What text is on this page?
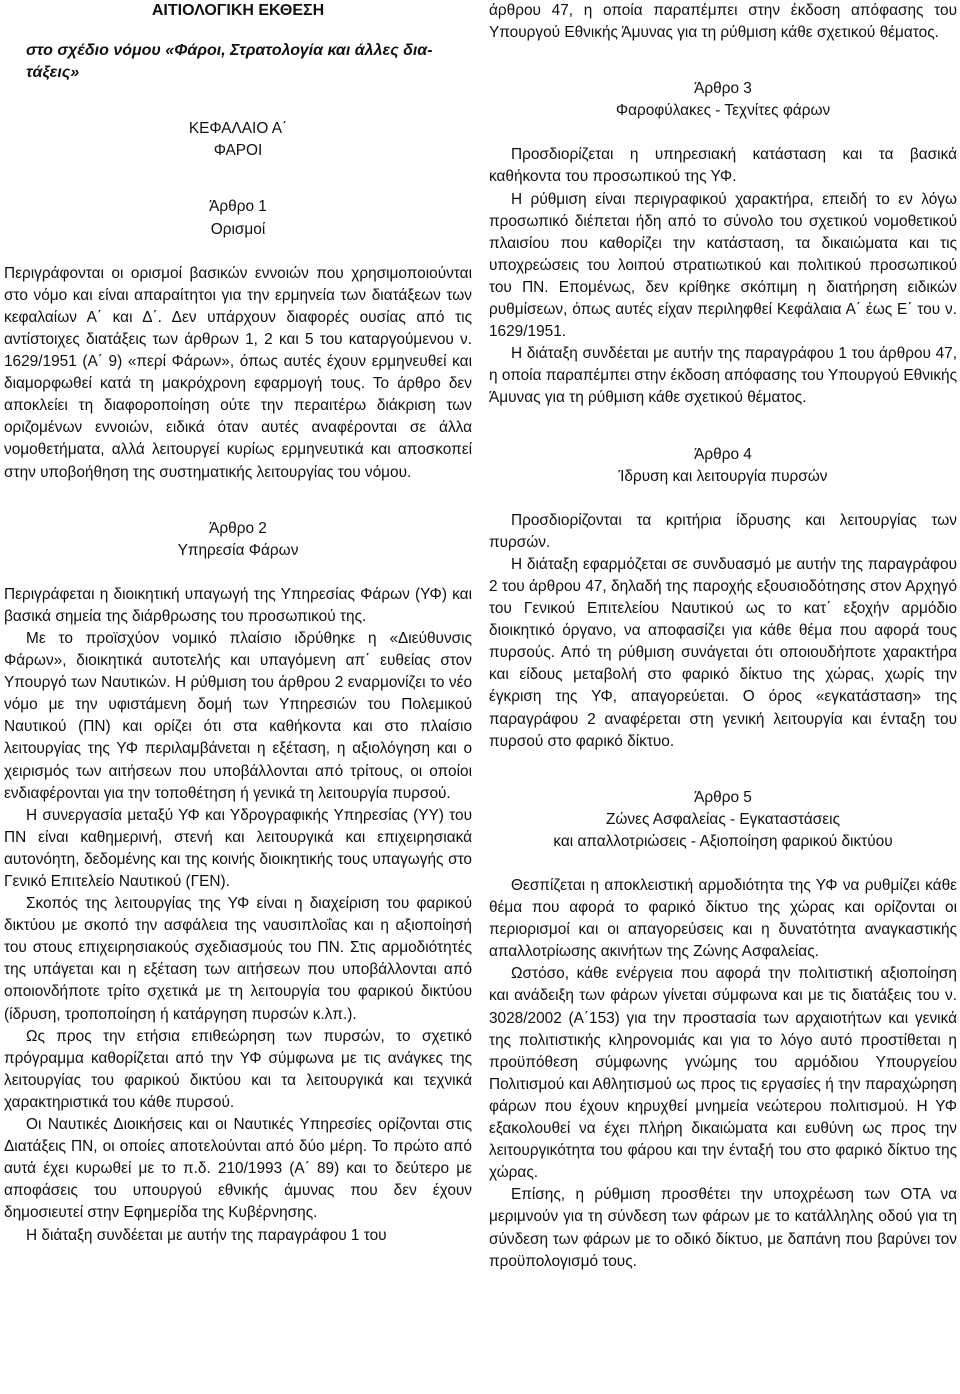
ΑΙΤΙΟΛΟΓΙΚΗ ΕΚΘΕΣΗ

στο σχέδιο νόμου «Φάροι, Στρατολογία και άλλες δια-
τάξεις»

ΚΕΦΑΛΑΙΟ Α΄

ΦΑΡΟΙ

Άρθρο 1

Ορισμοί

Περιγράφονται οι ορισμοί βασικών εννοιών που χρησιμοποιούνται στο νόμο και είναι απαραίτητοι για την ερμηνεία των διατάξεων των κεφαλαίων Α΄ και Δ΄. Δεν υπάρχουν διαφορές ουσίας από τις αντίστοιχες διατάξεις των άρθρων 1, 2 και 5 του καταργούμενου ν. 1629/1951 (Α΄ 9) «περί Φάρων», όπως αυτές έχουν ερμηνευθεί και διαμορφωθεί κατά τη μακρόχρονη εφαρμογή τους. Το άρθρο δεν αποκλείει τη διαφοροποίηση ούτε την περαιτέρω διάκριση των οριζομένων εννοιών, ειδικά όταν αυτές αναφέρονται σε άλλα νομοθετήματα, αλλά λειτουργεί κυρίως ερμηνευτικά και αποσκοπεί στην υποβοήθηση της συστηματικής λειτουργίας του νόμου.

Άρθρο 2

Υπηρεσία Φάρων

Περιγράφεται η διοικητική υπαγωγή της Υπηρεσίας Φάρων (ΥΦ) και βασικά σημεία της διάρθρωσης του προσωπικού της.

Με το προϊσχύον νομικό πλαίσιο ιδρύθηκε η «Διεύθυνσις Φάρων», διοικητικά αυτοτελής και υπαγόμενη απ΄ ευθείας στον Υπουργό των Ναυτικών. Η ρύθμιση του άρθρου 2 εναρμονίζει το νέο νόμο με την υφιστάμενη δομή των Υπηρεσιών του Πολεμικού Ναυτικού (ΠΝ) και ορίζει ότι στα καθήκοντα και στο πλαίσιο λειτουργίας της ΥΦ περιλαμβάνεται η εξέταση, η αξιολόγηση και ο χειρισμός των αιτήσεων που υποβάλλονται από τρίτους, οι οποίοι ενδιαφέρονται για την τοποθέτηση ή γενικά τη λειτουργία πυρσού.

Η συνεργασία μεταξύ ΥΦ και Υδρογραφικής Υπηρεσίας (ΥΥ) του ΠΝ είναι καθημερινή, στενή και λειτουργικά και επιχειρησιακά αυτονόητη, δεδομένης και της κοινής διοικητικής τους υπαγωγής στο Γενικό Επιτελείο Ναυτικού (ΓΕΝ).

Σκοπός της λειτουργίας της ΥΦ είναι η διαχείριση του φαρικού δικτύου με σκοπό την ασφάλεια της ναυσιπλοΐας και η αξιοποίησή του στους επιχειρησιακούς σχεδιασμούς του ΠΝ. Στις αρμοδιότητές της υπάγεται και η εξέταση των αιτήσεων που υποβάλλονται από οποιονδήποτε τρίτο σχετικά με τη λειτουργία του φαρικού δικτύου (ίδρυση, τροποποίηση ή κατάργηση πυρσών κ.λπ.).

Ως προς την ετήσια επιθεώρηση των πυρσών, το σχετικό πρόγραμμα καθορίζεται από την ΥΦ σύμφωνα με τις ανάγκες της λειτουργίας του φαρικού δικτύου και τα λειτουργικά και τεχνικά χαρακτηριστικά του κάθε πυρσού.

Οι Ναυτικές Διοικήσεις και οι Ναυτικές Υπηρεσίες ορίζονται στις Διατάξεις ΠΝ, οι οποίες αποτελούνται από δύο μέρη. Το πρώτο από αυτά έχει κυρωθεί με το π.δ. 210/1993 (Α΄ 89) και το δεύτερο με αποφάσεις του υπουργού εθνικής άμυνας που δεν έχουν δημοσιευτεί στην Εφημερίδα της Κυβέρνησης.

Η διάταξη συνδέεται με αυτήν της παραγράφου 1 του

άρθρου 47, η οποία παραπέμπει στην έκδοση απόφασης του Υπουργού Εθνικής Άμυνας για τη ρύθμιση κάθε σχετικού θέματος.

Άρθρο 3

Φαροφύλακες - Τεχνίτες φάρων

Προσδιορίζεται η υπηρεσιακή κατάσταση και τα βασικά καθήκοντα του προσωπικού της ΥΦ.

Η ρύθμιση είναι περιγραφικού χαρακτήρα, επειδή το εν λόγω προσωπικό διέπεται ήδη από το σύνολο του σχετικού νομοθετικού πλαισίου που καθορίζει την κατάσταση, τα δικαιώματα και τις υποχρεώσεις του λοιπού στρατιωτικού και πολιτικού προσωπικού του ΠΝ. Επομένως, δεν κρίθηκε σκόπιμη η διατήρηση ειδικών ρυθμίσεων, όπως αυτές είχαν περιληφθεί Κεφάλαια Α΄ έως Ε΄ του ν. 1629/1951.

Η διάταξη συνδέεται με αυτήν της παραγράφου 1 του άρθρου 47, η οποία παραπέμπει στην έκδοση απόφασης του Υπουργού Εθνικής Άμυνας για τη ρύθμιση κάθε σχετικού θέματος.

Άρθρο 4

Ίδρυση και λειτουργία πυρσών

Προσδιορίζονται τα κριτήρια ίδρυσης και λειτουργίας των πυρσών.

Η διάταξη εφαρμόζεται σε συνδυασμό με αυτήν της παραγράφου 2 του άρθρου 47, δηλαδή της παροχής εξουσιοδότησης στον Αρχηγό του Γενικού Επιτελείου Ναυτικού ως το κατ΄ εξοχήν αρμόδιο διοικητικό όργανο, να αποφασίζει για κάθε θέμα που αφορά τους πυρσούς. Από τη ρύθμιση συνάγεται ότι οποιουδήποτε χαρακτήρα και είδους μεταβολή στο φαρικό δίκτυο της χώρας, χωρίς την έγκριση της ΥΦ, απαγορεύεται. Ο όρος «εγκατάσταση» της παραγράφου 2 αναφέρεται στη γενική λειτουργία και ένταξη του πυρσού στο φαρικό δίκτυο.

Άρθρο 5

Ζώνες Ασφαλείας - Εγκαταστάσεις

και απαλλοτριώσεις - Αξιοποίηση φαρικού δικτύου

Θεσπίζεται η αποκλειστική αρμοδιότητα της ΥΦ να ρυθμίζει κάθε θέμα που αφορά το φαρικό δίκτυο της χώρας και ορίζονται οι περιορισμοί και οι απαγορεύσεις και η δυνατότητα αναγκαστικής απαλλοτρίωσης ακινήτων της Ζώνης Ασφαλείας.

Ωστόσο, κάθε ενέργεια που αφορά την πολιτιστική αξιοποίηση και ανάδειξη των φάρων γίνεται σύμφωνα και με τις διατάξεις του ν. 3028/2002 (Α΄153) για την προστασία των αρχαιοτήτων και γενικά της πολιτιστικής κληρονομιάς και για το λόγο αυτό προστίθεται η προϋπόθεση σύμφωνης γνώμης του αρμόδιου Υπουργείου Πολιτισμού και Αθλητισμού ως προς τις εργασίες ή την παραχώρηση φάρων που έχουν κηρυχθεί μνημεία νεώτερου πολιτισμού. Η ΥΦ εξακολουθεί να έχει πλήρη δικαιώματα και ευθύνη ως προς την λειτουργικότητα του φάρου και την ένταξή του στο φαρικό δίκτυο της χώρας.

Επίσης, η ρύθμιση προσθέτει την υποχρέωση των ΟΤΑ να μεριμνούν για τη σύνδεση των φάρων με το κατάλληλης οδού για τη σύνδεση των φάρων με το οδικό δίκτυο, με δαπάνη που βαρύνει τον προϋπολογισμό τους.
